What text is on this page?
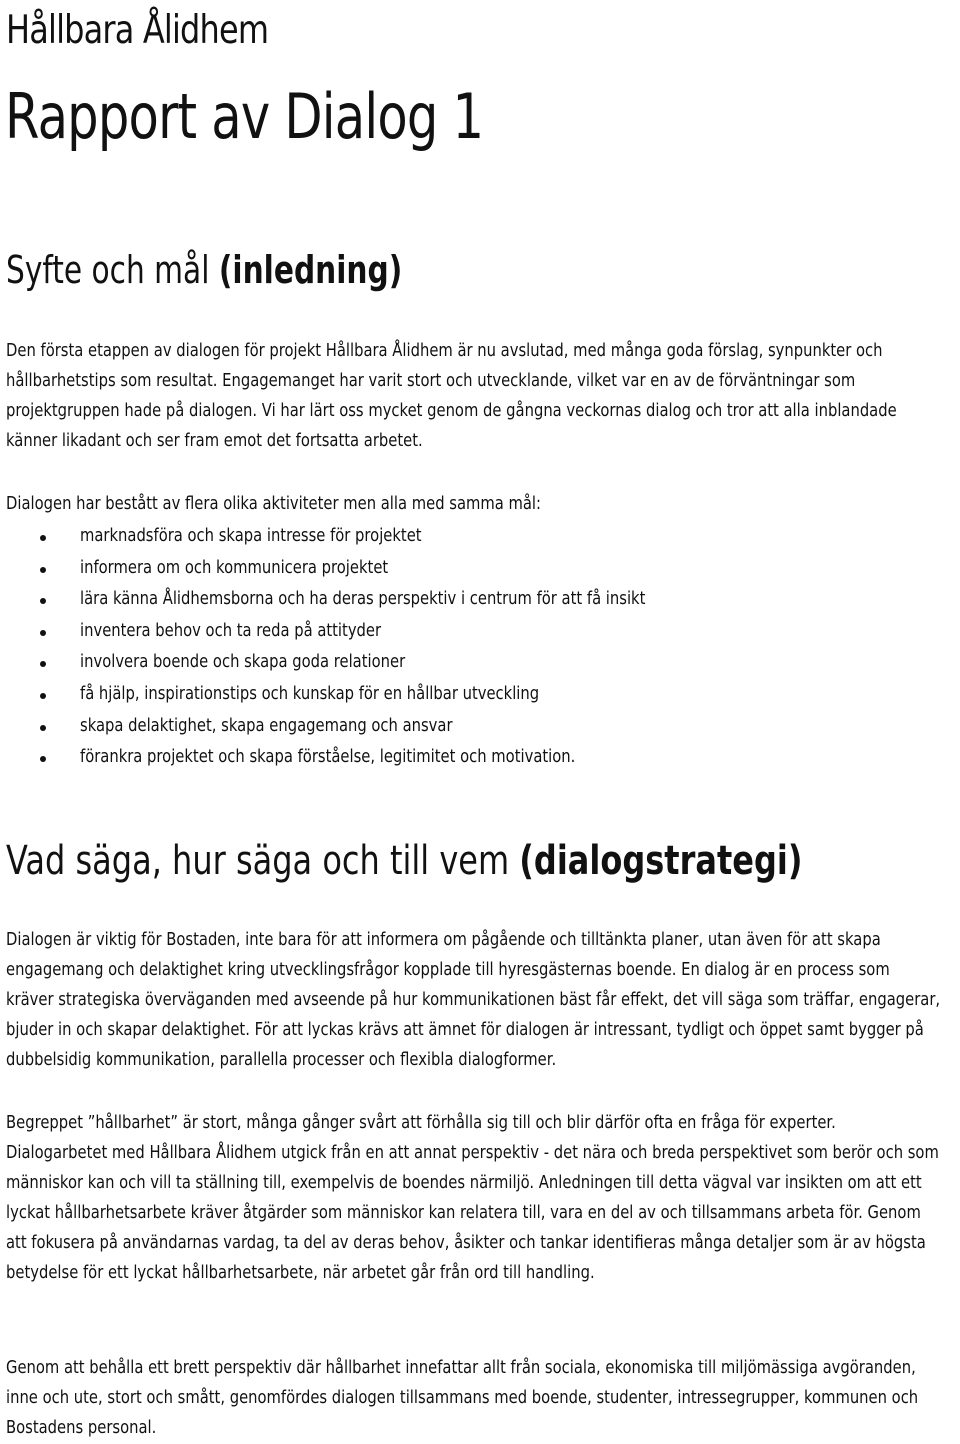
Hållbara Ålidhem
Rapport av Dialog 1
Syfte och mål (inledning)

Den första etappen av dialogen för projekt Hållbara Ålidhem är nu avslutad, med många goda förslag, synpunkter och hållbarhetstips som resultat. Engagemanget har varit stort och utvecklande, vilket var en av de förväntningar som projektgruppen hade på dialogen. Vi har lärt oss mycket genom de gångna veckornas dialog och tror att alla inblandade känner likadant och ser fram emot det fortsatta arbetet.

Dialogen har bestått av flera olika aktiviteter men alla med samma mål:

marknadsföra och skapa intresse för projektet
informera om och kommunicera projektet
lära känna Ålidhemsborna och ha deras perspektiv i centrum för att få insikt
inventera behov och ta reda på attityder
involvera boende och skapa goda relationer
få hjälp, inspirationstips och kunskap för en hållbar utveckling
skapa delaktighet, skapa engagemang och ansvar
förankra projektet och skapa förståelse, legitimitet och motivation.
Vad säga, hur säga och till vem (dialogstrategi)

Dialogen är viktig för Bostaden, inte bara för att informera om pågående och tilltänkta planer, utan även för att skapa engagemang och delaktighet kring utvecklingsfrågor kopplade till hyresgästernas boende. En dialog är en process som kräver strategiska överväganden med avseende på hur kommunikationen bäst får effekt, det vill säga som träffar, engagerar, bjuder in och skapar delaktighet. För att lyckas krävs att ämnet för dialogen är intressant, tydligt och öppet samt bygger på dubbelsidig kommunikation, parallella processer och flexibla dialogformer.

Begreppet ”hållbarhet” är stort, många gånger svårt att förhålla sig till och blir därför ofta en fråga för experter. Dialogarbetet med Hållbara Ålidhem utgick från en att annat perspektiv - det nära och breda perspektivet som berör och som människor kan och vill ta ställning till, exempelvis de boendes närmiljö. Anledningen till detta vägval var insikten om att ett lyckat hållbarhetsarbete kräver åtgärder som människor kan relatera till, vara en del av och tillsammans arbeta för. Genom att fokusera på användarnas vardag, ta del av deras behov, åsikter och tankar identifieras många detaljer som är av högsta betydelse för ett lyckat hållbarhetsarbete, när arbetet går från ord till handling.

Genom att behålla ett brett perspektiv där hållbarhet innefattar allt från sociala, ekonomiska till miljömässiga avgöranden, inne och ute, stort och smått, genomfördes dialogen tillsammans med boende, studenter, intressegrupper, kommunen och Bostadens personal.
